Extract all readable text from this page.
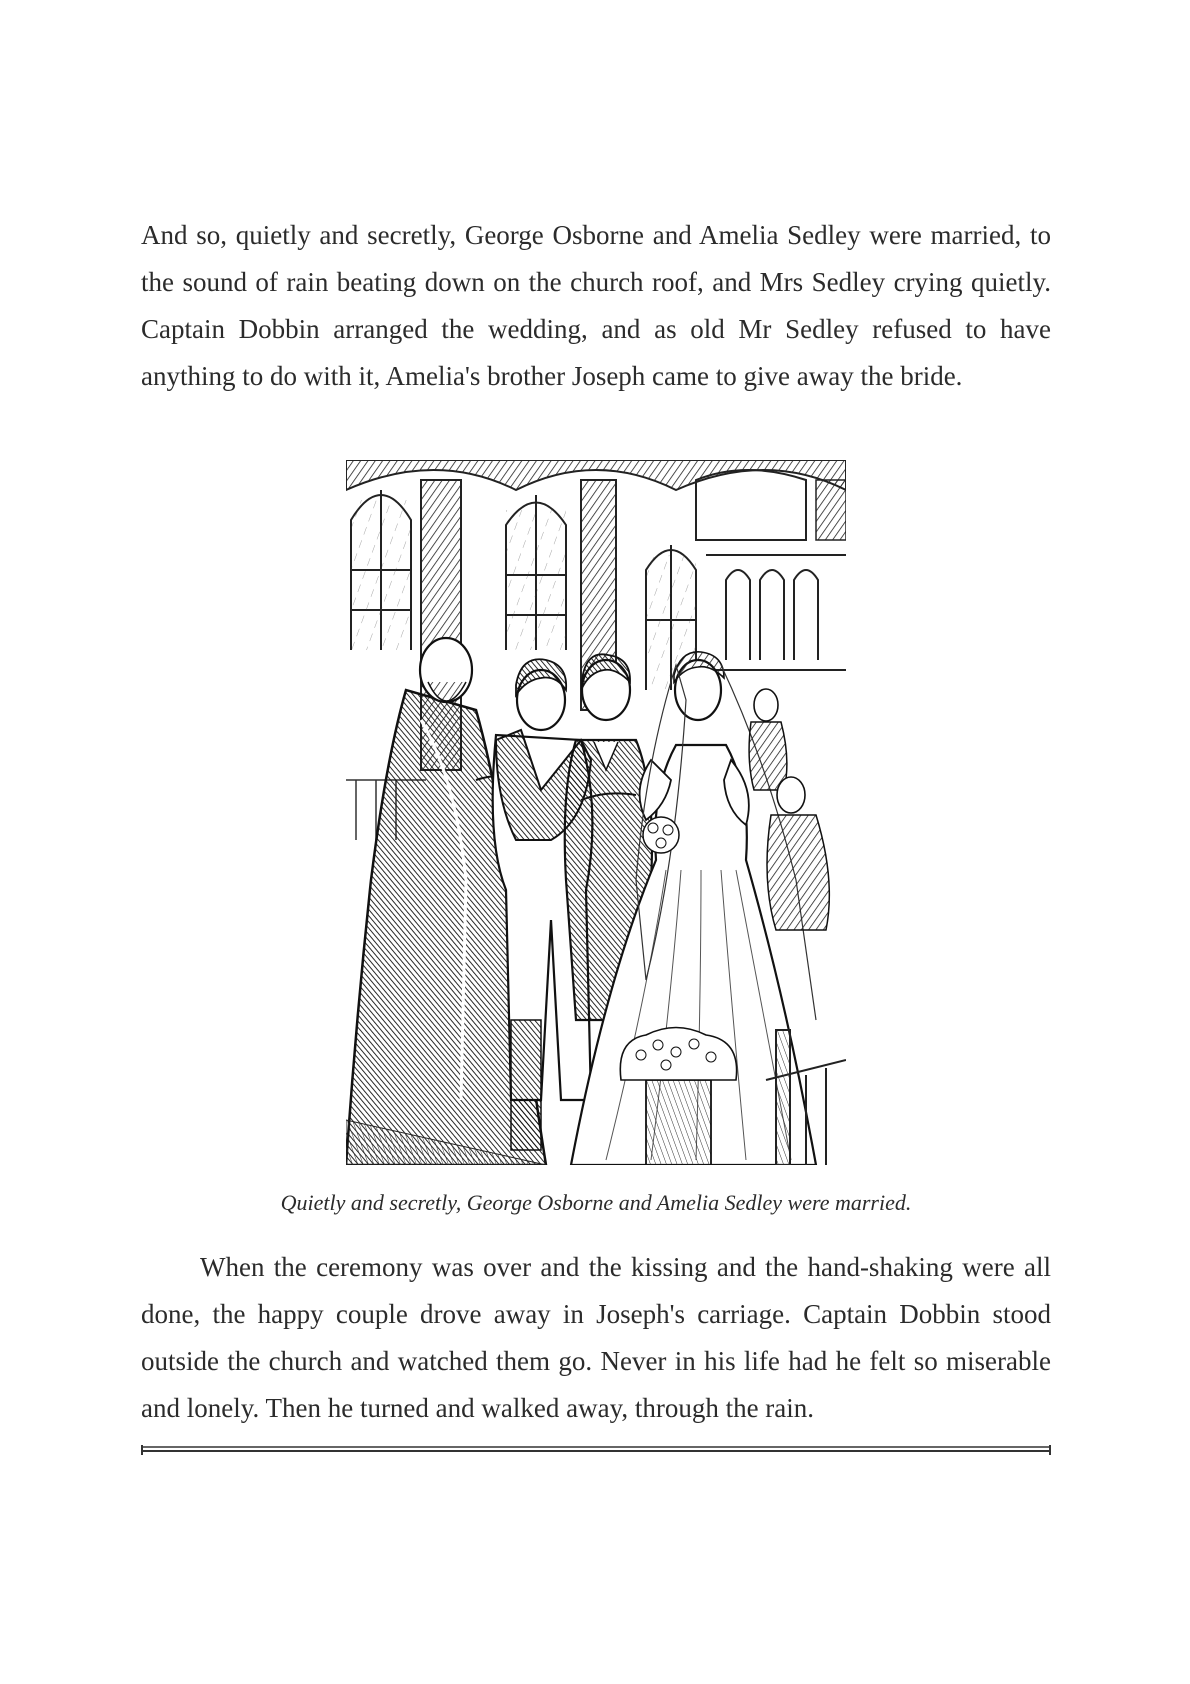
And so, quietly and secretly, George Osborne and Amelia Sedley were married, to the sound of rain beating down on the church roof, and Mrs Sedley crying quietly. Captain Dobbin arranged the wedding, and as old Mr Sedley refused to have anything to do with it, Amelia's brother Joseph came to give away the bride.

Quietly and secretly, George Osborne and Amelia Sedley were married.

When the ceremony was over and the kissing and the hand-shaking were all done, the happy couple drove away in Joseph's carriage. Captain Dobbin stood outside the church and watched them go. Never in his life had he felt so miserable and lonely. Then he turned and walked away, through the rain.
